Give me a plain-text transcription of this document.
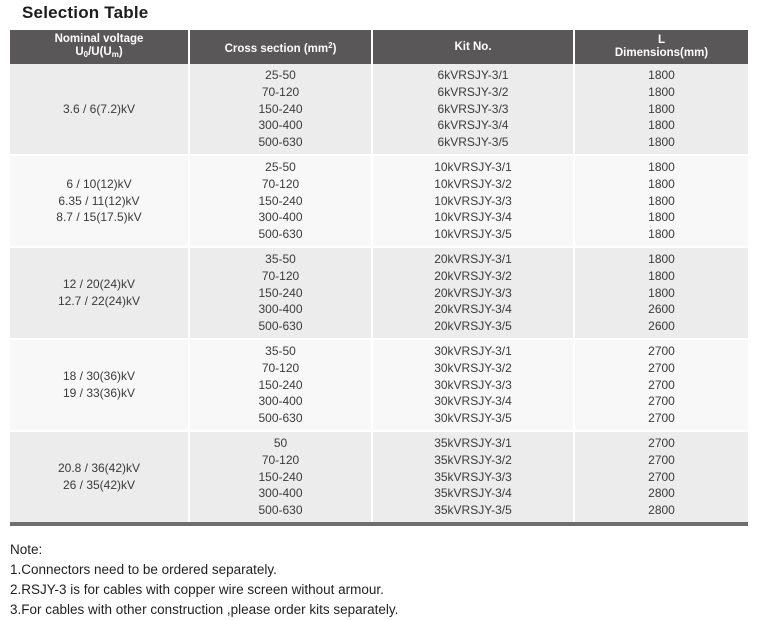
Selection Table
Nominal voltage
$U_0/U(U_m)$	Cross section $(mm^2)$	Kit No.
L
Dimensions(mm)
3.6 / 6(7.2)kV
25-50
70-120
150-240
300-400
500-630
6kVRSJY-3/1
6kVRSJY-3/2
6kVRSJY-3/3
6kVRSJY-3/4
6kVRSJY-3/5
1800
1800
1800
1800
1800
6 / 10(12)kV
6.35 / 11(12)kV
8.7 / 15(17.5)kV
25-50
70-120
150-240
300-400
500-630
10kVRSJY-3/1
10kVRSJY-3/2
10kVRSJY-3/3
10kVRSJY-3/4
10kVRSJY-3/5
1800
1800
1800
1800
1800
12 / 20(24)kV
12.7 / 22(24)kV
35-50
70-120
150-240
300-400
500-630
20kVRSJY-3/1
20kVRSJY-3/2
20kVRSJY-3/3
20kVRSJY-3/4
20kVRSJY-3/5
1800
1800
1800
2600
2600
18 / 30(36)kV
19 / 33(36)kV
35-50
70-120
150-240
300-400
500-630
30kVRSJY-3/1
30kVRSJY-3/2
30kVRSJY-3/3
30kVRSJY-3/4
30kVRSJY-3/5
2700
2700
2700
2700
2700
20.8 / 36(42)kV
26 / 35(42)kV
50
70-120
150-240
300-400
500-630
35kVRSJY-3/1
35kVRSJY-3/2
35kVRSJY-3/3
35kVRSJY-3/4
35kVRSJY-3/5
2700
2700
2700
2800
2800
Note:
1.Connectors need to be ordered separately.
2.RSJY-3 is for cables with copper wire screen without armour.
3.For cables with other construction ,please order kits separately.
